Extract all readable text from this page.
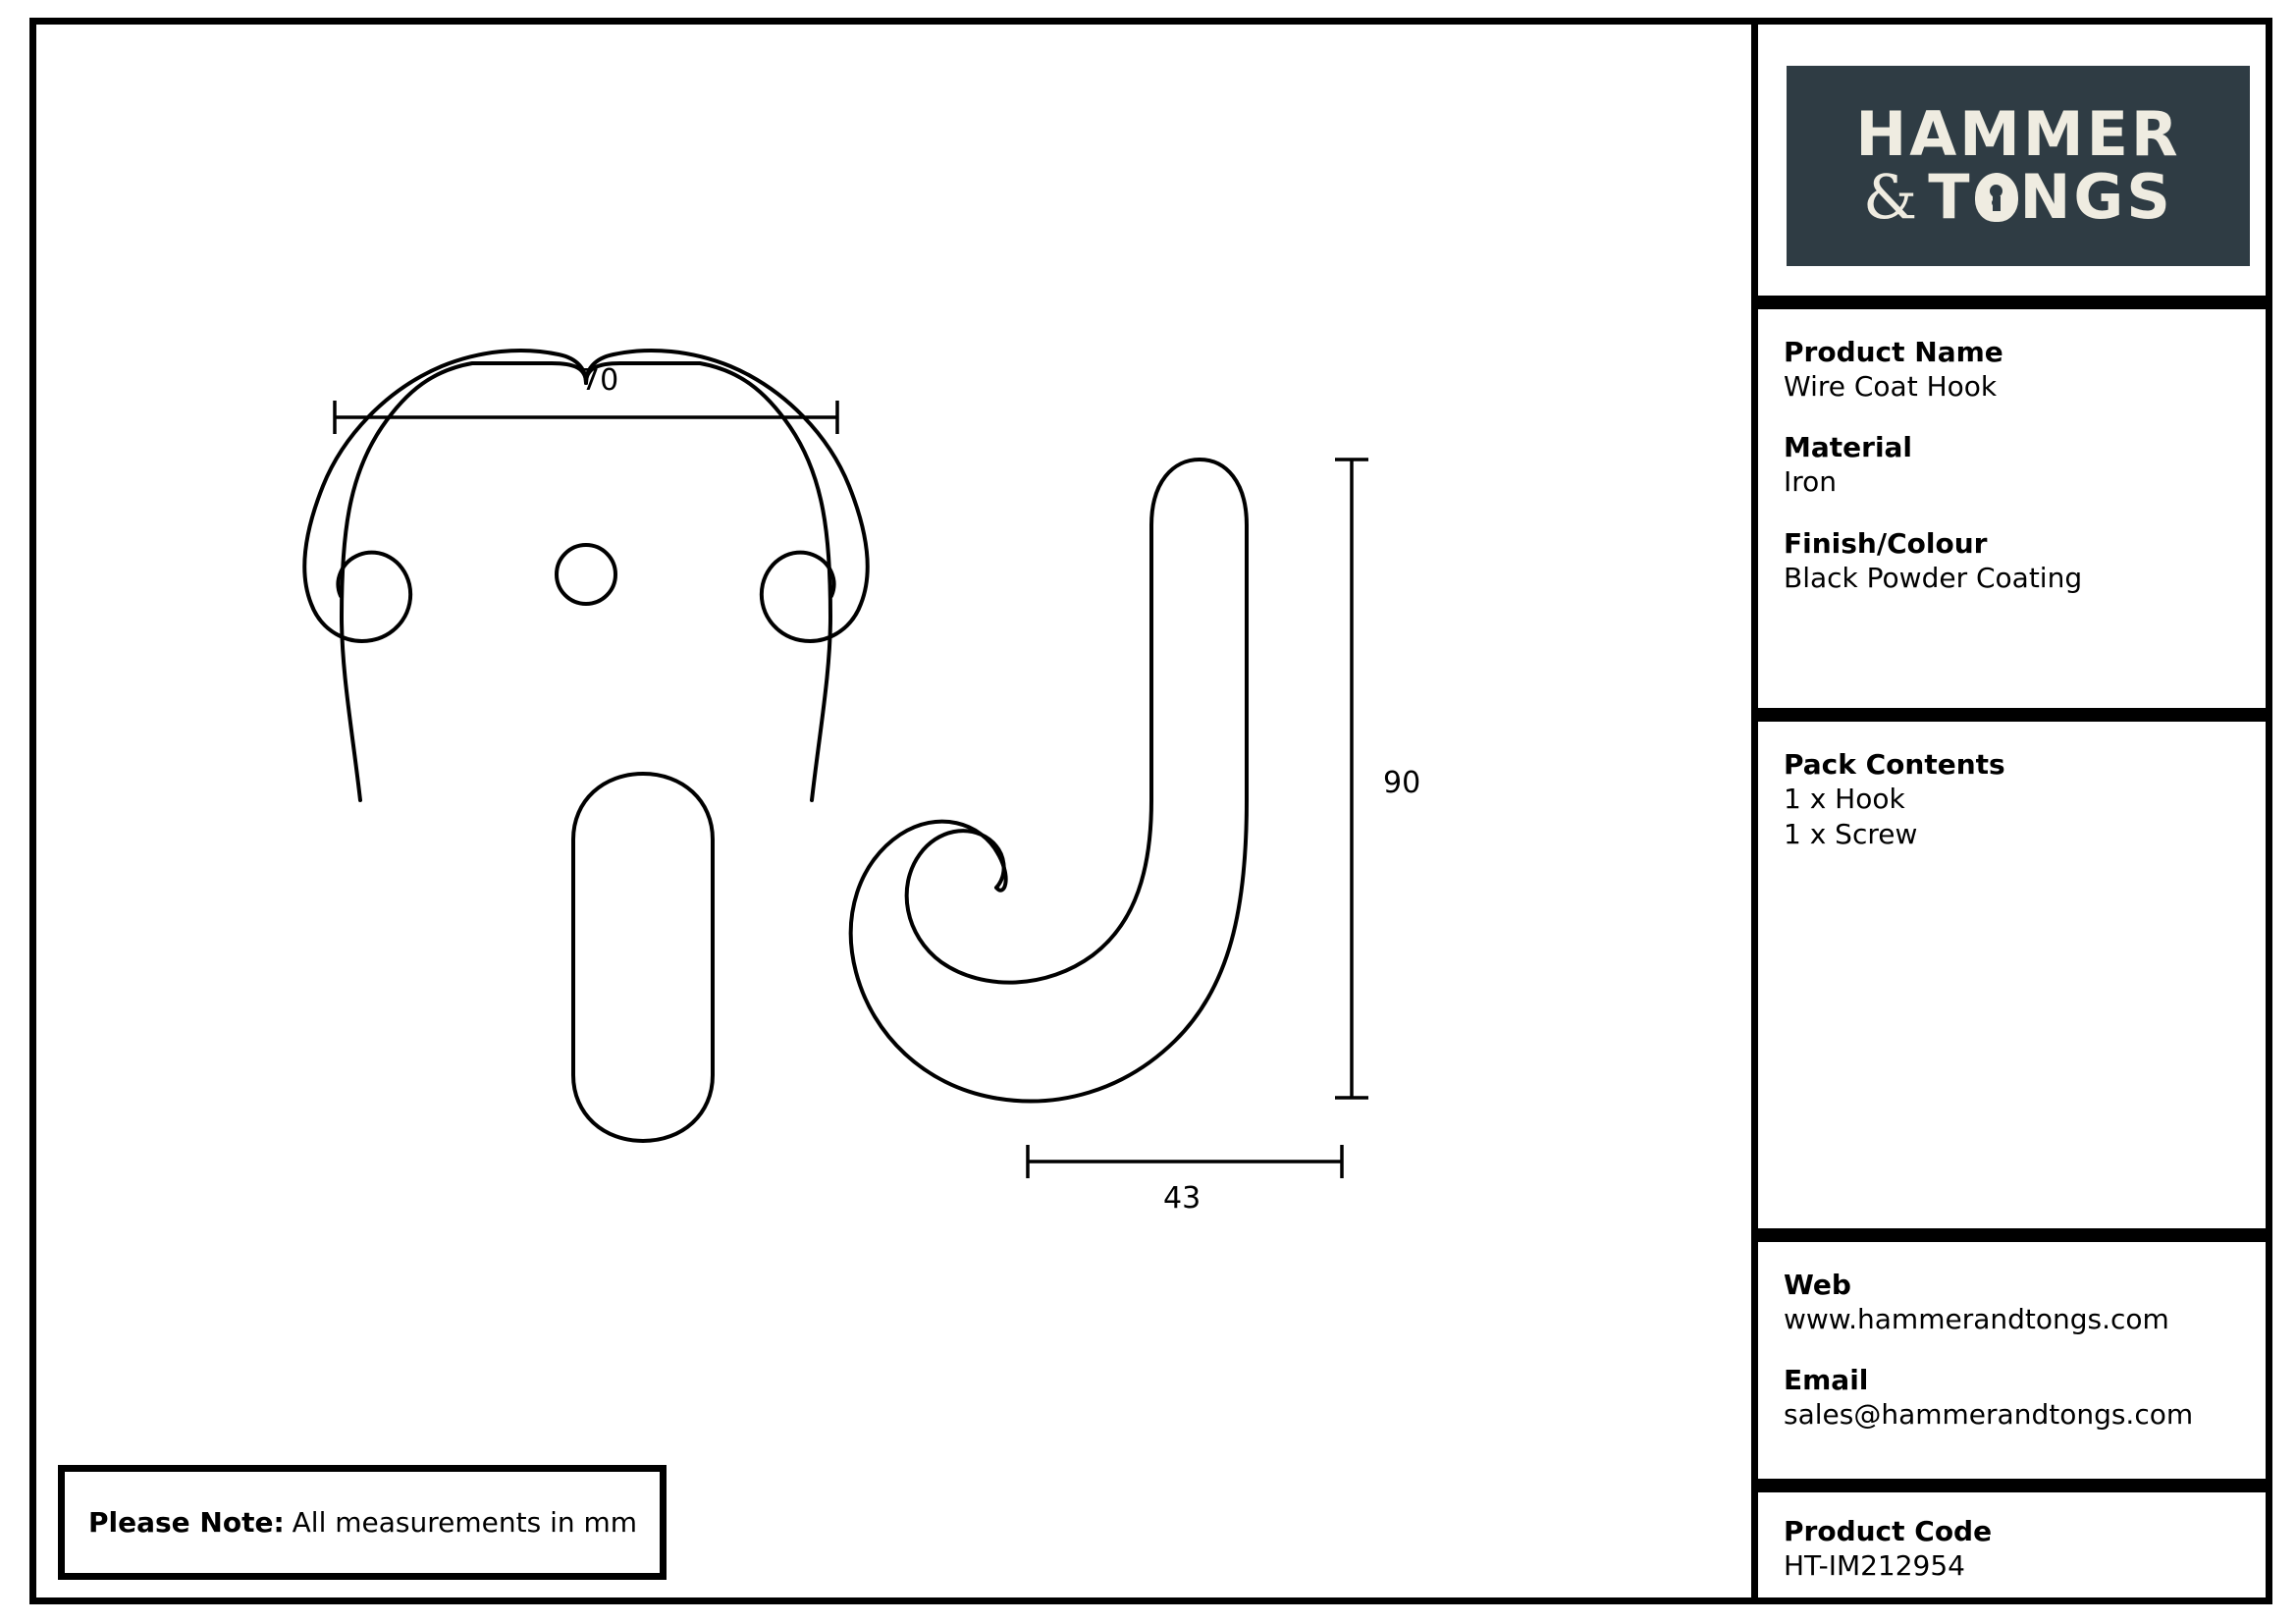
70
90
43
Please Note: All measurements in mm
HAMMER
& T NGS
Product Name
Wire Coat Hook
Material
Iron
Finish/Colour
Black Powder Coating
Pack Contents
1 x Hook
1 x Screw
Web
www.hammerandtongs.com
Email
sales@hammerandtongs.com
Product Code
HT-IM212954
